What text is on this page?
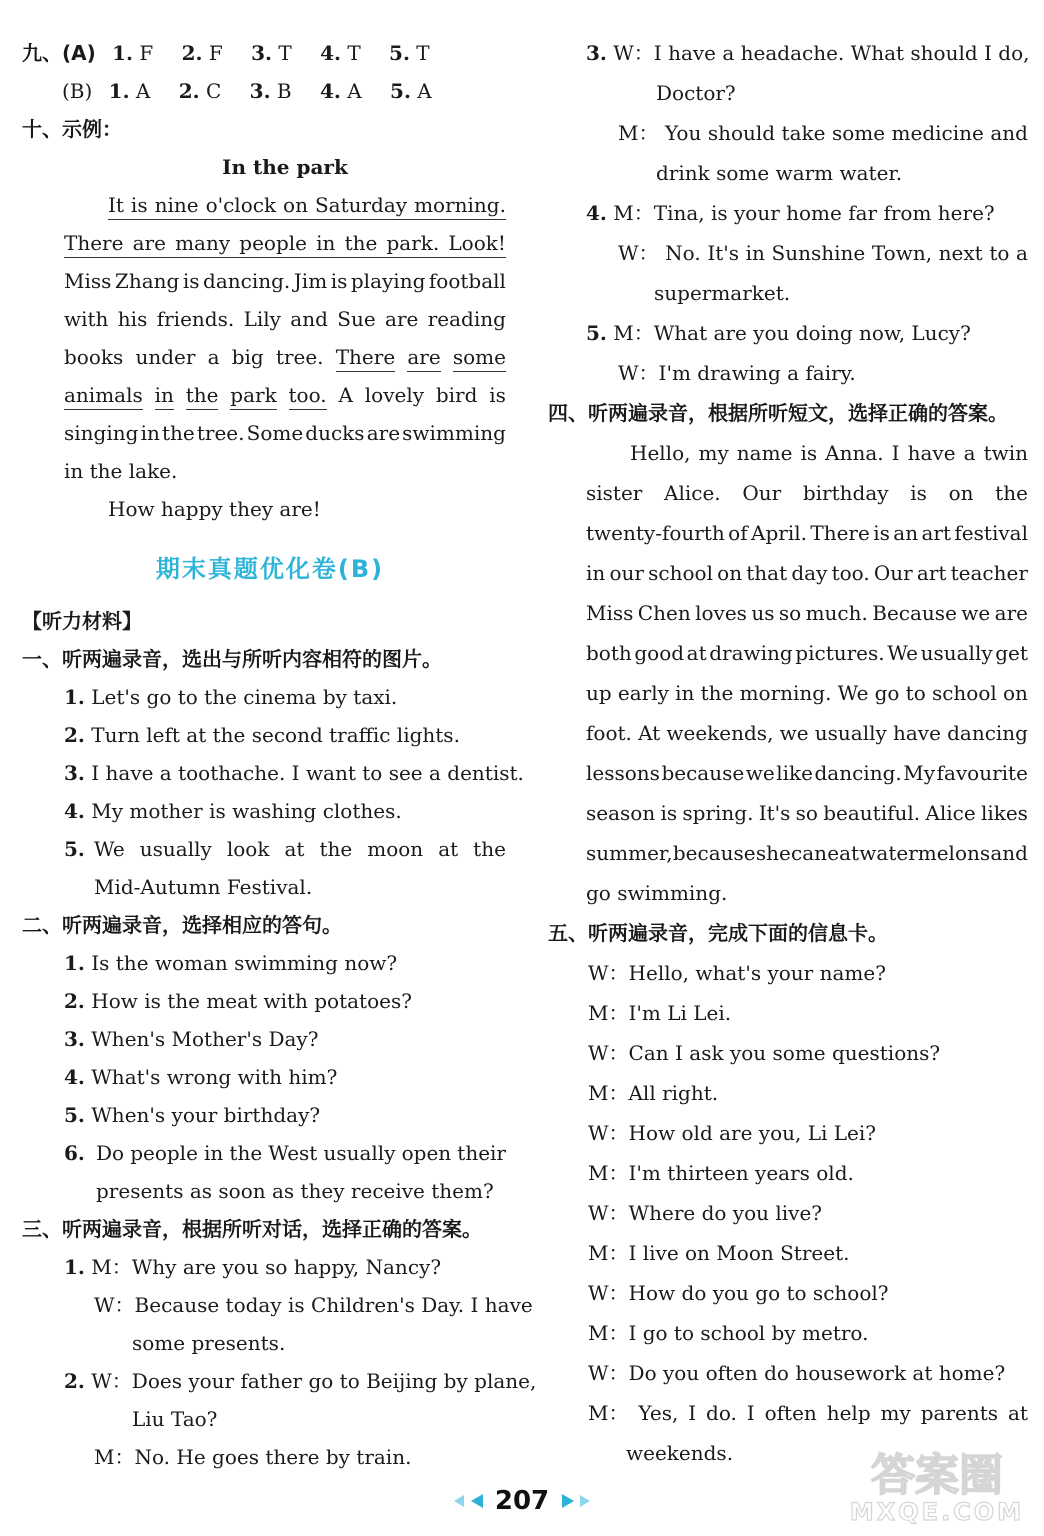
九、(A) 1. F 2. F 3. T 4. T 5. T
(B) 1. A 2. C 3. B 4. A 5. A
十、示例：
In the park
It is nine o'clock on Saturday morning.
There are many people in the park. Look!
Miss Zhang is dancing. Jim is playing football
with his friends. Lily and Sue are reading
books under a big tree. There are some
animals in the park too. A lovely bird is
singing in the tree. Some ducks are swimming
in the lake.
How happy they are!
期末真题优化卷(B)
【听力材料】
一、听两遍录音，选出与所听内容相符的图片。
1. Let's go to the cinema by taxi.
2. Turn left at the second traffic lights.
3. I have a toothache. I want to see a dentist.
4. My mother is washing clothes.
5. We usually look at the moon at the
Mid-Autumn Festival.
二、听两遍录音，选择相应的答句。
1. Is the woman swimming now?
2. How is the meat with potatoes?
3. When's Mother's Day?
4. What's wrong with him?
5. When's your birthday?
6. Do people in the West usually open their
presents as soon as they receive them?
三、听两遍录音，根据所听对话，选择正确的答案。
1. M：Why are you so happy, Nancy?
W：Because today is Children's Day. I have
some presents.
2. W：Does your father go to Beijing by plane,
Liu Tao?
M：No. He goes there by train.
3. W：I have a headache. What should I do,
Doctor?
M： You should take some medicine and
drink some warm water.
4. M：Tina, is your home far from here?
W： No. It's in Sunshine Town, next to a
supermarket.
5. M：What are you doing now, Lucy?
W：I'm drawing a fairy.
四、听两遍录音，根据所听短文，选择正确的答案。
Hello, my name is Anna. I have a twin
sister Alice. Our birthday is on the
twenty-fourth of April. There is an art festival
in our school on that day too. Our art teacher
Miss Chen loves us so much. Because we are
both good at drawing pictures. We usually get
up early in the morning. We go to school on
foot. At weekends, we usually have dancing
lessons because we like dancing. My favourite
season is spring. It's so beautiful. Alice likes
summer, because she can eat watermelons and
go swimming.
五、听两遍录音，完成下面的信息卡。
W：Hello, what's your name?
M：I'm Li Lei.
W：Can I ask you some questions?
M：All right.
W：How old are you, Li Lei?
M：I'm thirteen years old.
W：Where do you live?
M：I live on Moon Street.
W：How do you go to school?
M：I go to school by metro.
W：Do you often do housework at home?
M： Yes, I do. I often help my parents at
weekends.
207	答案圈
MXQE.COM
